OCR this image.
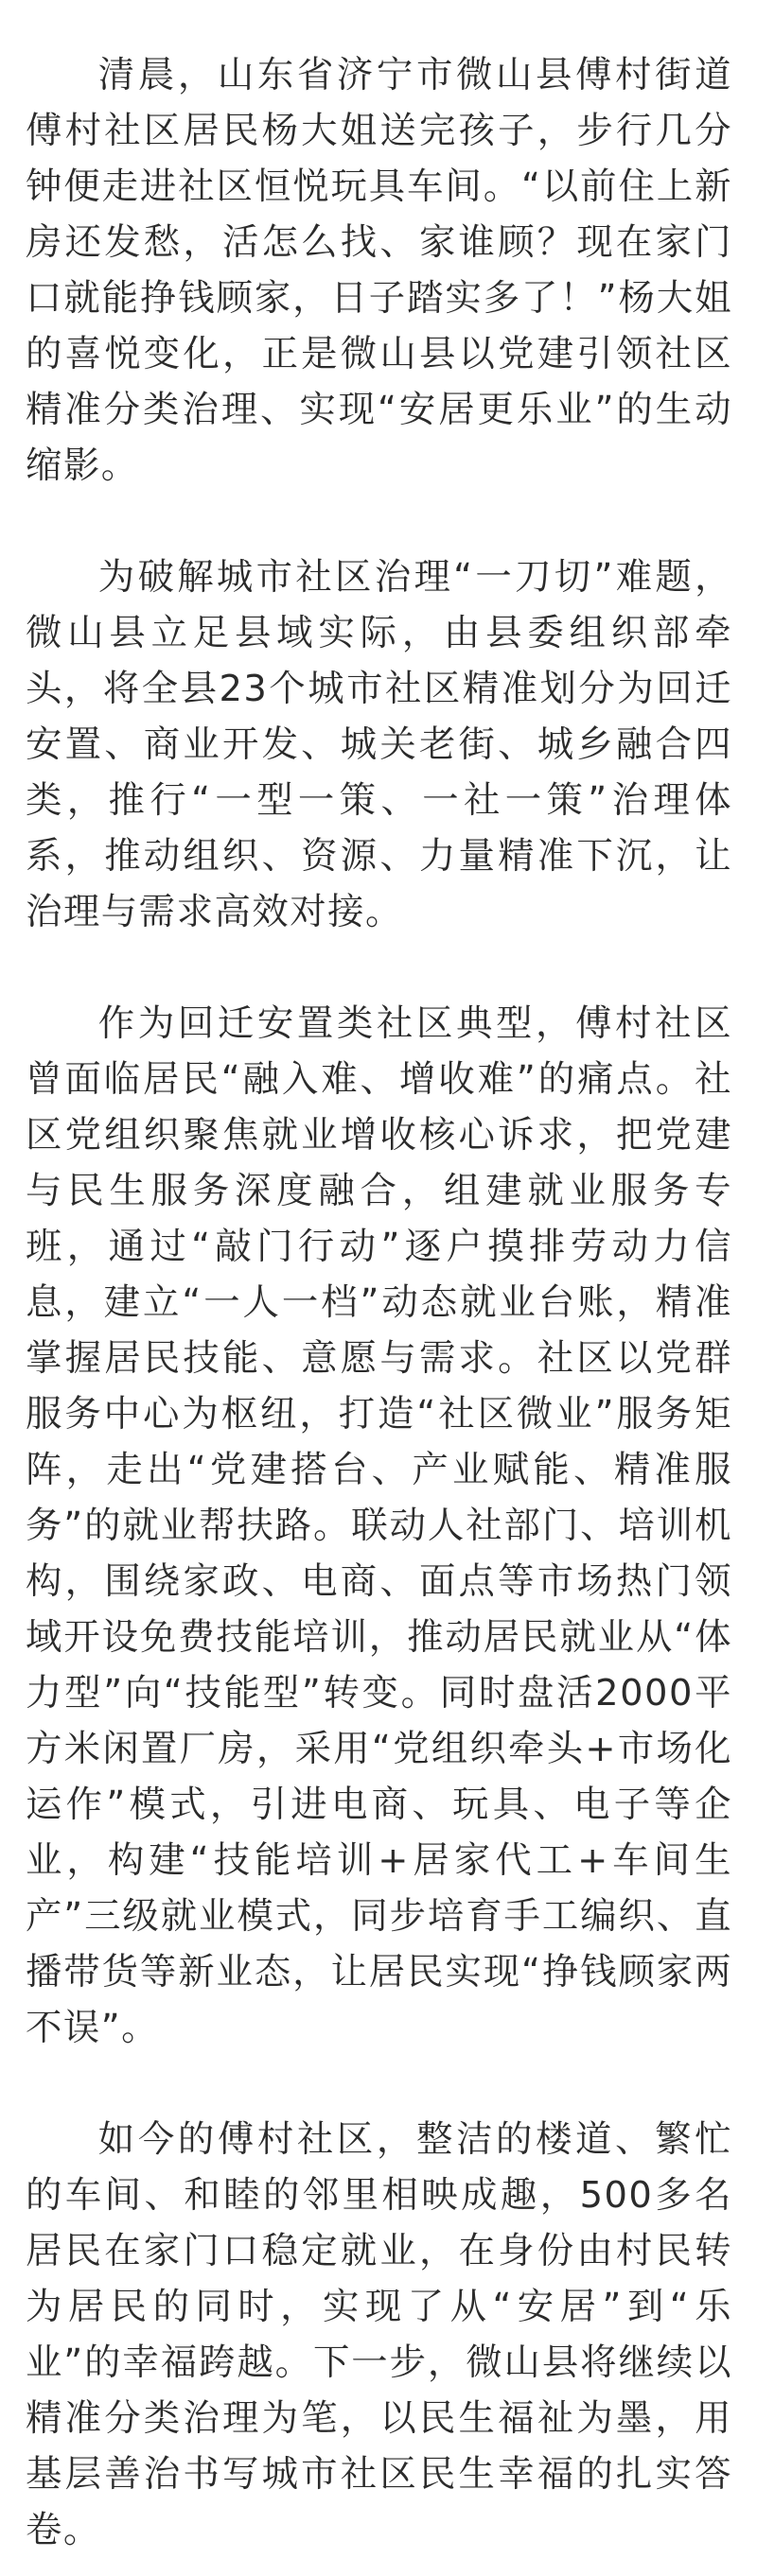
清晨，山东省济宁市微山县傅村街道傅村社区居民杨大姐送完孩子，步行几分钟便走进社区恒悦玩具车间。“以前住上新房还发愁，活怎么找、家谁顾？现在家门口就能挣钱顾家，日子踏实多了！”杨大姐的喜悦变化，正是微山县以党建引领社区精准分类治理、实现“安居更乐业”的生动缩影。

为破解城市社区治理“一刀切”难题，微山县立足县域实际，由县委组织部牵头，将全县23个城市社区精准划分为回迁安置、商业开发、城关老街、城乡融合四类，推行“一型一策、一社一策”治理体系，推动组织、资源、力量精准下沉，让治理与需求高效对接。

作为回迁安置类社区典型，傅村社区曾面临居民“融入难、增收难”的痛点。社区党组织聚焦就业增收核心诉求，把党建与民生服务深度融合，组建就业服务专班，通过“敲门行动”逐户摸排劳动力信息，建立“一人一档”动态就业台账，精准掌握居民技能、意愿与需求。社区以党群服务中心为枢纽，打造“社区微业”服务矩阵，走出“党建搭台、产业赋能、精准服务”的就业帮扶路。联动人社部门、培训机构，围绕家政、电商、面点等市场热门领域开设免费技能培训，推动居民就业从“体力型”向“技能型”转变。同时盘活2000平方米闲置厂房，采用“党组织牵头+市场化运作”模式，引进电商、玩具、电子等企业，构建“技能培训+居家代工+车间生产”三级就业模式，同步培育手工编织、直播带货等新业态，让居民实现“挣钱顾家两不误”。

如今的傅村社区，整洁的楼道、繁忙的车间、和睦的邻里相映成趣，500多名居民在家门口稳定就业，在身份由村民转为居民的同时，实现了从“安居”到“乐业”的幸福跨越。下一步，微山县将继续以精准分类治理为笔，以民生福祉为墨，用基层善治书写城市社区民生幸福的扎实答卷。
